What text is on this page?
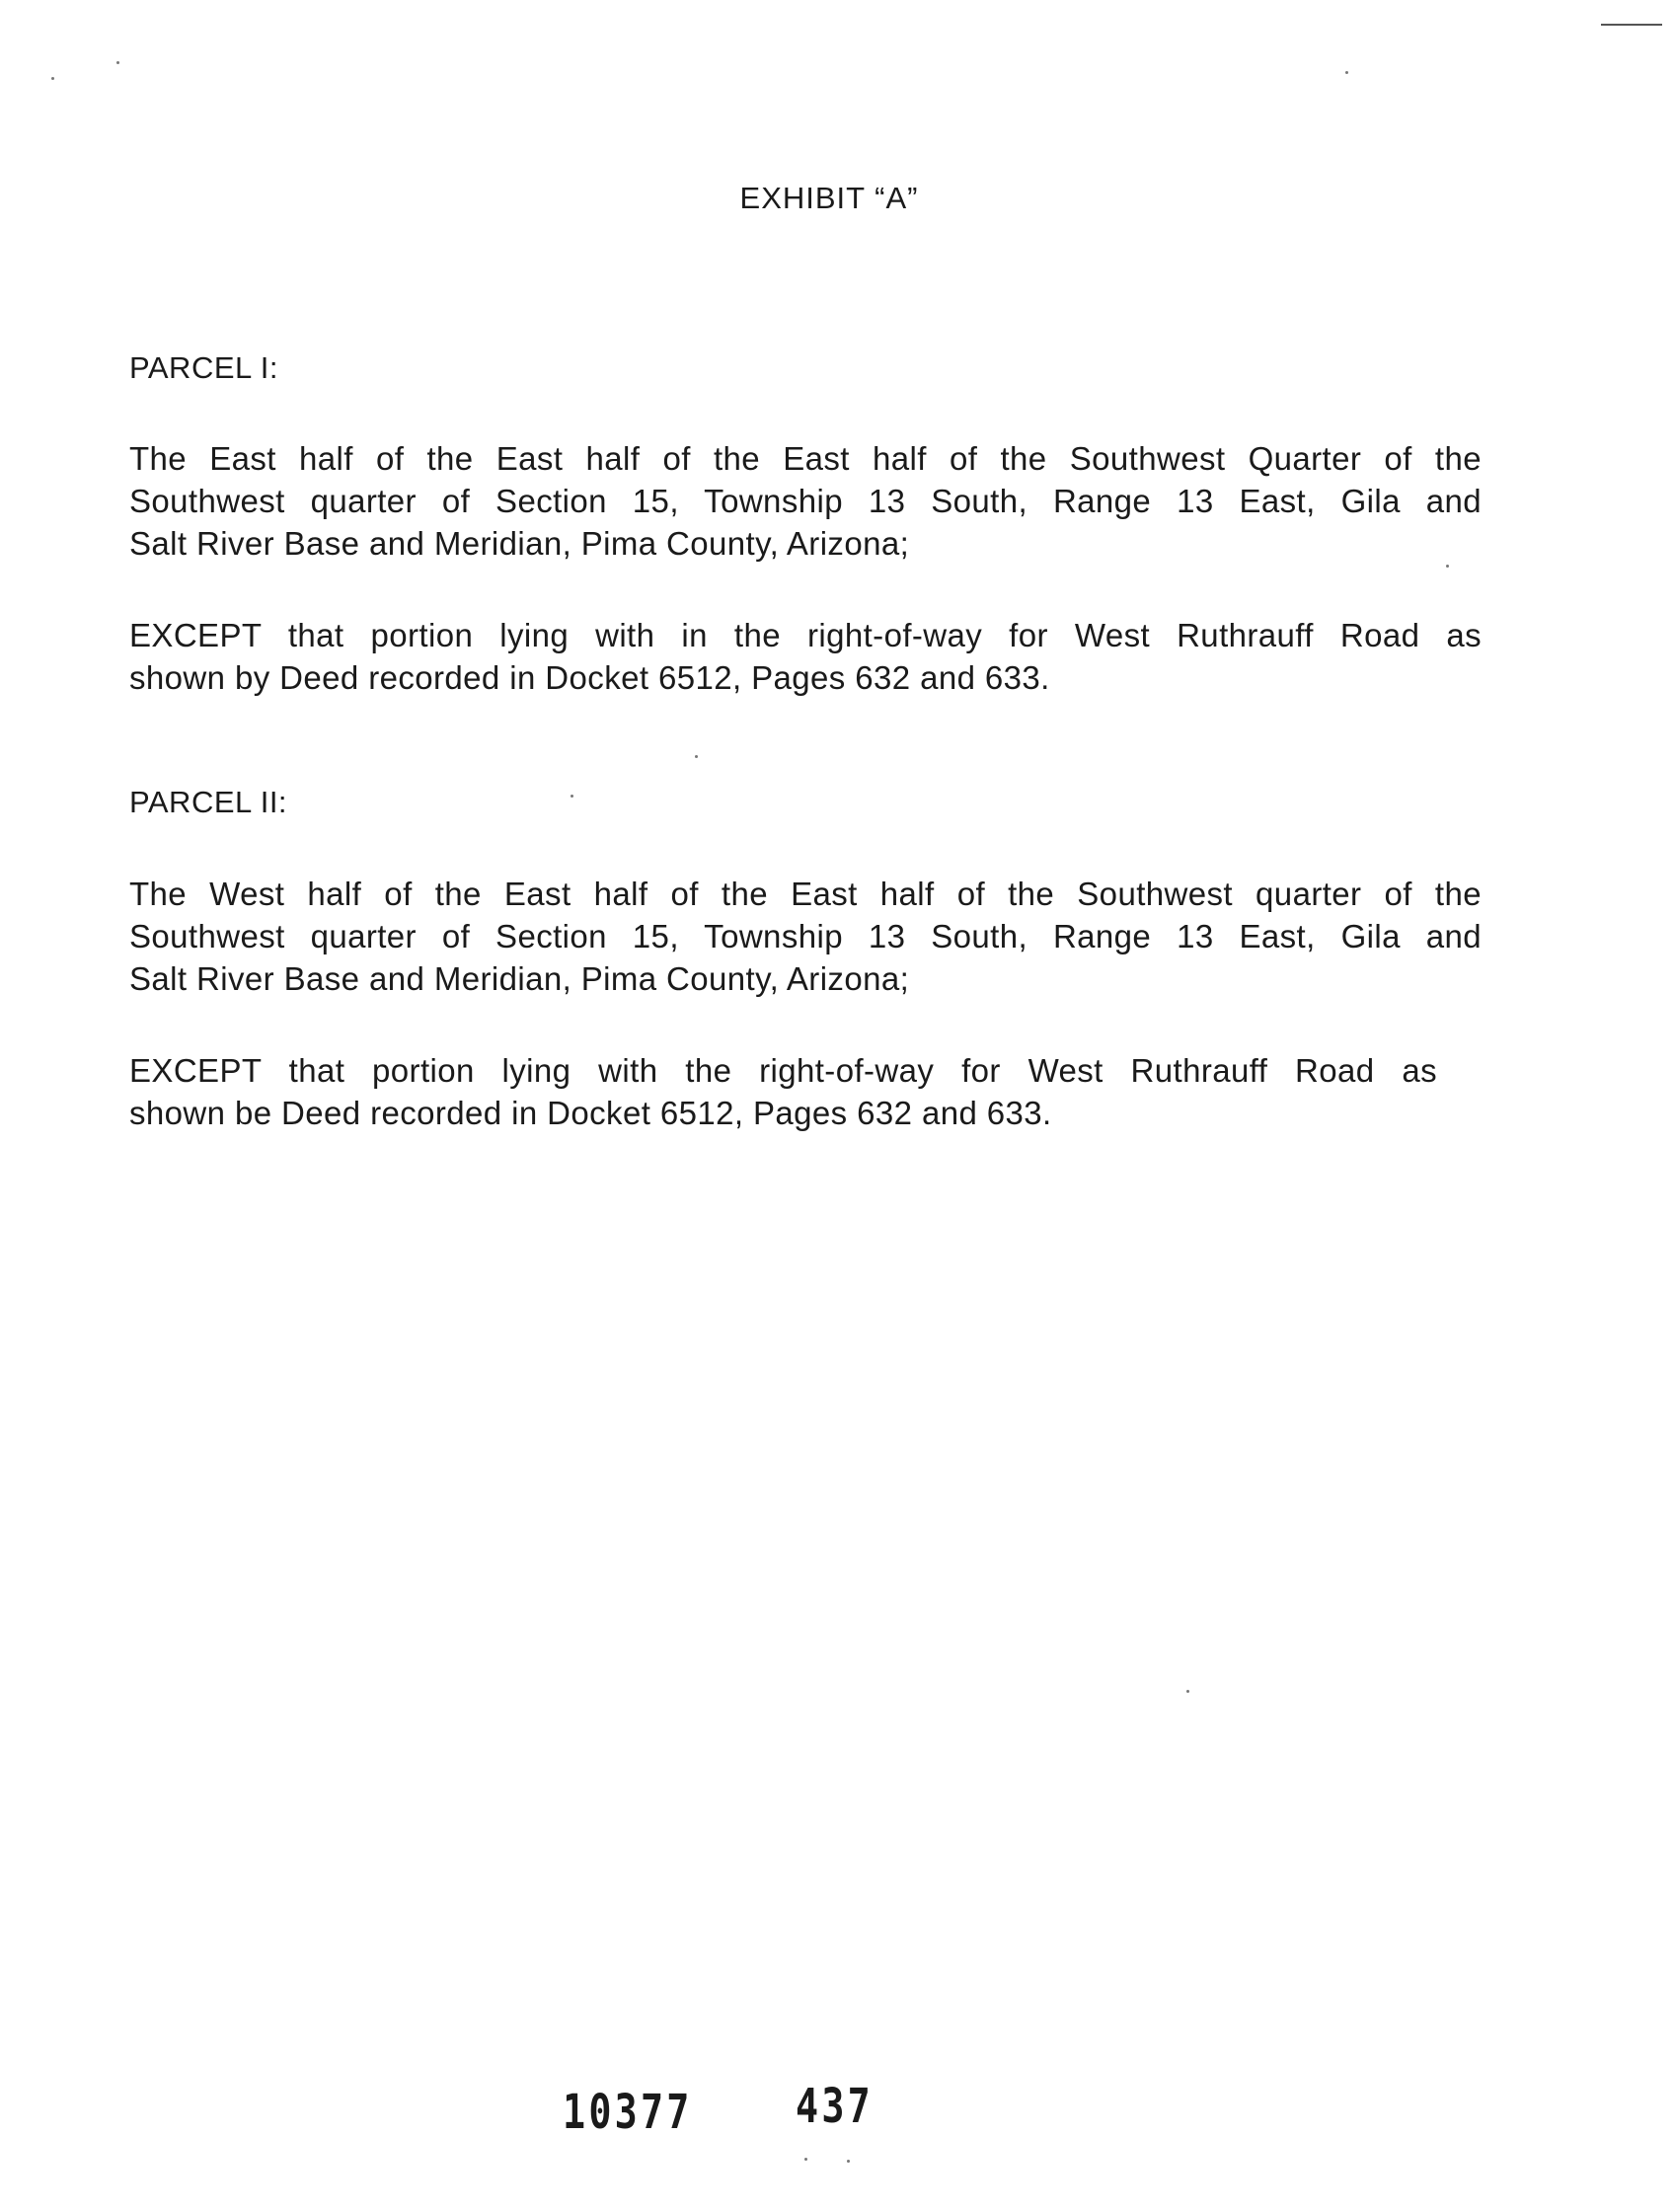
EXHIBIT “A”
PARCEL I:
The East half of the East half of the East half of the Southwest Quarter of the
Southwest quarter of Section 15, Township 13 South, Range 13 East, Gila and
Salt River Base and Meridian, Pima County, Arizona;
EXCEPT that portion lying with in the right-of-way for West Ruthrauff Road as
shown by Deed recorded in Docket 6512, Pages 632 and 633.
PARCEL II:
The West half of the East half of the East half of the Southwest quarter of the
Southwest quarter of Section 15, Township 13 South, Range 13 East, Gila and
Salt River Base and Meridian, Pima County, Arizona;
EXCEPT that portion lying with the right-of-way for West Ruthrauff Road as
shown be Deed recorded in Docket 6512, Pages 632 and 633.
10377 437
